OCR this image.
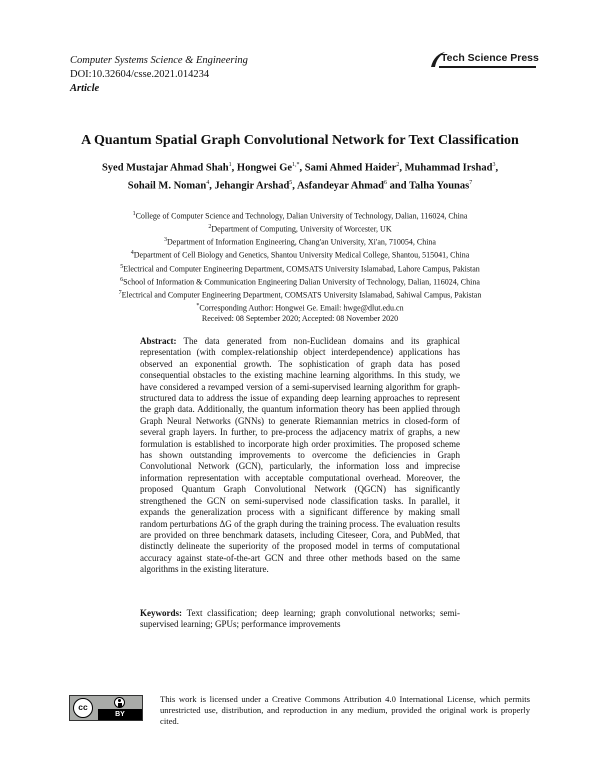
Computer Systems Science & Engineering
DOI:10.32604/csse.2021.014234
Article
Tech Science Press
A Quantum Spatial Graph Convolutional Network for Text Classification
Syed Mustajar Ahmad Shah$^1$, Hongwei $Ge^{1,*}$, Sami Ahmed Haider$^2$, Muhammad Irshad$^3$,
Sohail M. Noman$^4$, Jehangir Arshad$^5$, Asfandeyar Ahmad$^6$ and Talha Younas$^7$
$^1$College of Computer Science and Technology, Dalian University of Technology, Dalian, 116024, China
$^2$Department of Computing, University of Worcester, UK
$^3$Department of Information Engineering, Chang'an University, Xi'an, 710054, China
$^4$Department of Cell Biology and Genetics, Shantou University Medical College, Shantou, 515041, China
$^5$Electrical and Computer Engineering Department, COMSATS University Islamabad, Lahore Campus, Pakistan
$^6$School of Information & Communication Engineering Dalian University of Technology, Dalian, 116024, China
$^7$Electrical and Computer Engineering Department, COMSATS University Islamabad, Sahiwal Campus, Pakistan
*Corresponding Author: Hongwei Ge. Email: hwge@dlut.edu.cn
Received: 08 September 2020; Accepted: 08 November 2020
Abstract: The data generated from non-Euclidean domains and its graphical representation (with complex-relationship object interdependence) applications has observed an exponential growth. The sophistication of graph data has posed consequential obstacles to the existing machine learning algorithms. In this study, we have considered a revamped version of a semi-supervised learning algorithm for graph-structured data to address the issue of expanding deep learning approaches to represent the graph data. Additionally, the quantum information theory has been applied through Graph Neural Networks (GNNs) to generate Riemannian metrics in closed-form of several graph layers. In further, to pre-process the adjacency matrix of graphs, a new formulation is established to incorporate high order proximities. The proposed scheme has shown outstanding improvements to overcome the deficiencies in Graph Convolutional Network (GCN), particularly, the information loss and imprecise information representation with acceptable computational overhead. Moreover, the proposed Quantum Graph Convolutional Network (QGCN) has significantly strengthened the GCN on semi-supervised node classification tasks. In parallel, it expands the generalization process with a significant difference by making small random perturbations ΔG of the graph during the training process. The evaluation results are provided on three benchmark datasets, including Citeseer, Cora, and PubMed, that distinctly delineate the superiority of the proposed model in terms of computational accuracy against state-of-the-art GCN and three other methods based on the same algorithms in the existing literature.
Keywords: Text classification; deep learning; graph convolutional networks; semi-supervised learning; GPUs; performance improvements
cc
BY
This work is licensed under a Creative Commons Attribution 4.0 International License, which permits unrestricted use, distribution, and reproduction in any medium, provided the original work is properly cited.
